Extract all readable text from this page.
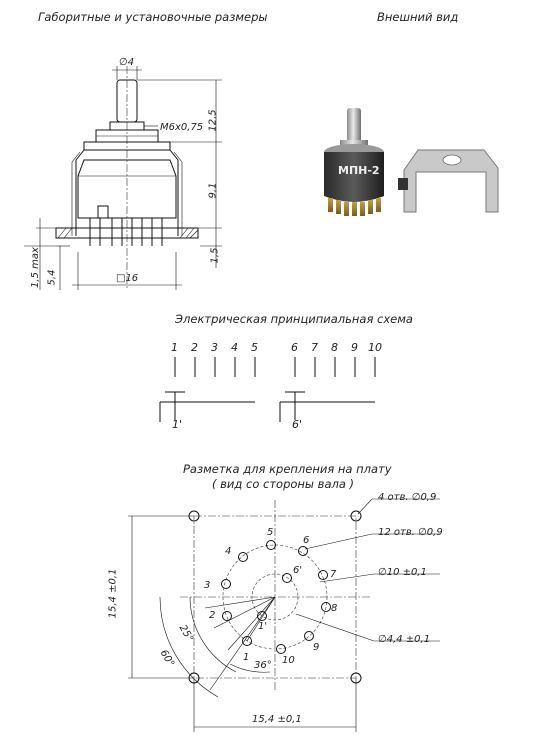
Габоритные и установочные размеры	Внешний вид
Электрическая принципиальная схема
Разметка для крепления на плату
( вид со стороны вала )
∅4
M6x0,75 12,5
9,1
1,5
1,5 max 5,4	□16
МПН-2
1 2 3 4 5	6 7 8 9 10
1'	6'
4 отв. ∅0,9
12 отв. ∅0,9
∅10 ±0,1
∅4,4 ±0,1
15,4 ±0,1
15,4 ±0,1
60°
25°
36°
1
2
3
4
5
6
7
8
9
10
1'
6'
